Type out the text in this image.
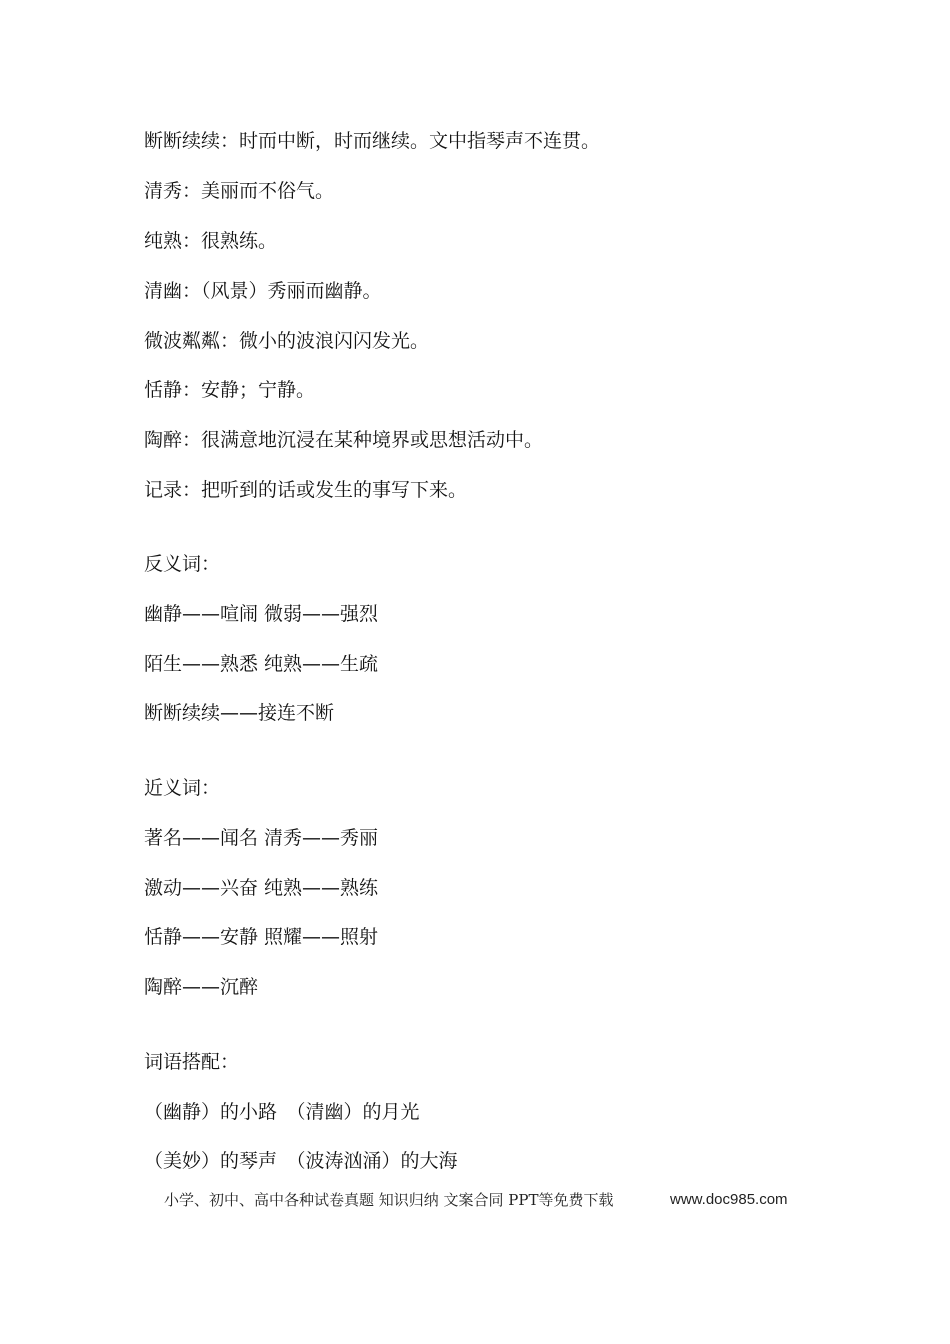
断断续续：时而中断，时而继续。文中指琴声不连贯。
清秀：美丽而不俗气。
纯熟：很熟练。
清幽：（风景）秀丽而幽静。
微波粼粼：微小的波浪闪闪发光。
恬静：安静；宁静。
陶醉：很满意地沉浸在某种境界或思想活动中。
记录：把听到的话或发生的事写下来。
反义词：
幽静——喧闹 微弱——强烈
陌生——熟悉 纯熟——生疏
断断续续——接连不断
近义词：
著名——闻名 清秀——秀丽
激动——兴奋 纯熟——熟练
恬静——安静 照耀——照射
陶醉——沉醉
词语搭配：
（幽静）的小路　（清幽）的月光
（美妙）的琴声　（波涛汹涌）的大海
小学、初中、高中各种试卷真题 知识归纳 文案合同 PPT等免费下载	www.doc985.com
